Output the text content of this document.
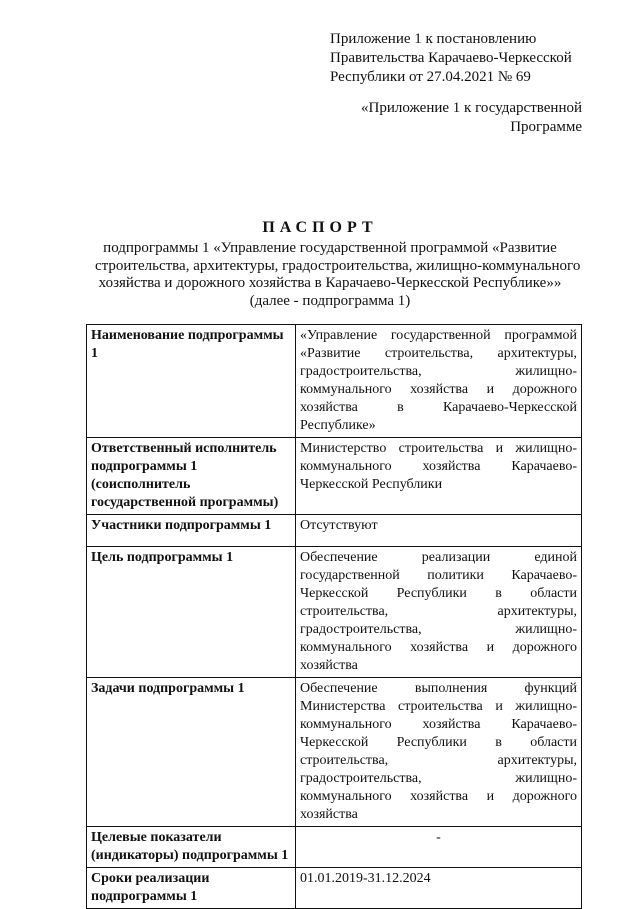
Приложение 1 к постановлению
Правительства Карачаево-Черкесской
Республики от 27.04.2021 № 69
«Приложение 1 к государственной
Программе
ПАСПОРТ
подпрограммы 1 «Управление государственной программой «Развитие
строительства, архитектуры, градостроительства, жилищно-коммунального
хозяйства и дорожного хозяйства в Карачаево-Черкесской Республике»»
(далее - подпрограмма 1)
Наименование подпрограммы 1	«Управление государственной программой «Развитие строительства, архитектуры, градостроительства, жилищно-коммунального хозяйства и дорожного хозяйства в Карачаево-Черкесской Республике»
Ответственный исполнитель подпрограммы 1 (соисполнитель государственной программы)	Министерство строительства и жилищно-коммунального хозяйства Карачаево-Черкесской Республики
Участники подпрограммы 1	Отсутствуют
Цель подпрограммы 1	Обеспечение реализации единой государственной политики Карачаево-Черкесской Республики в области строительства, архитектуры, градостроительства, жилищно-коммунального хозяйства и дорожного хозяйства
Задачи подпрограммы 1	Обеспечение выполнения функций Министерства строительства и жилищно-коммунального хозяйства Карачаево-Черкесской Республики в области строительства, архитектуры, градостроительства, жилищно-коммунального хозяйства и дорожного хозяйства
Целевые показатели (индикаторы) подпрограммы 1	-
Сроки реализации подпрограммы 1	01.01.2019-31.12.2024
